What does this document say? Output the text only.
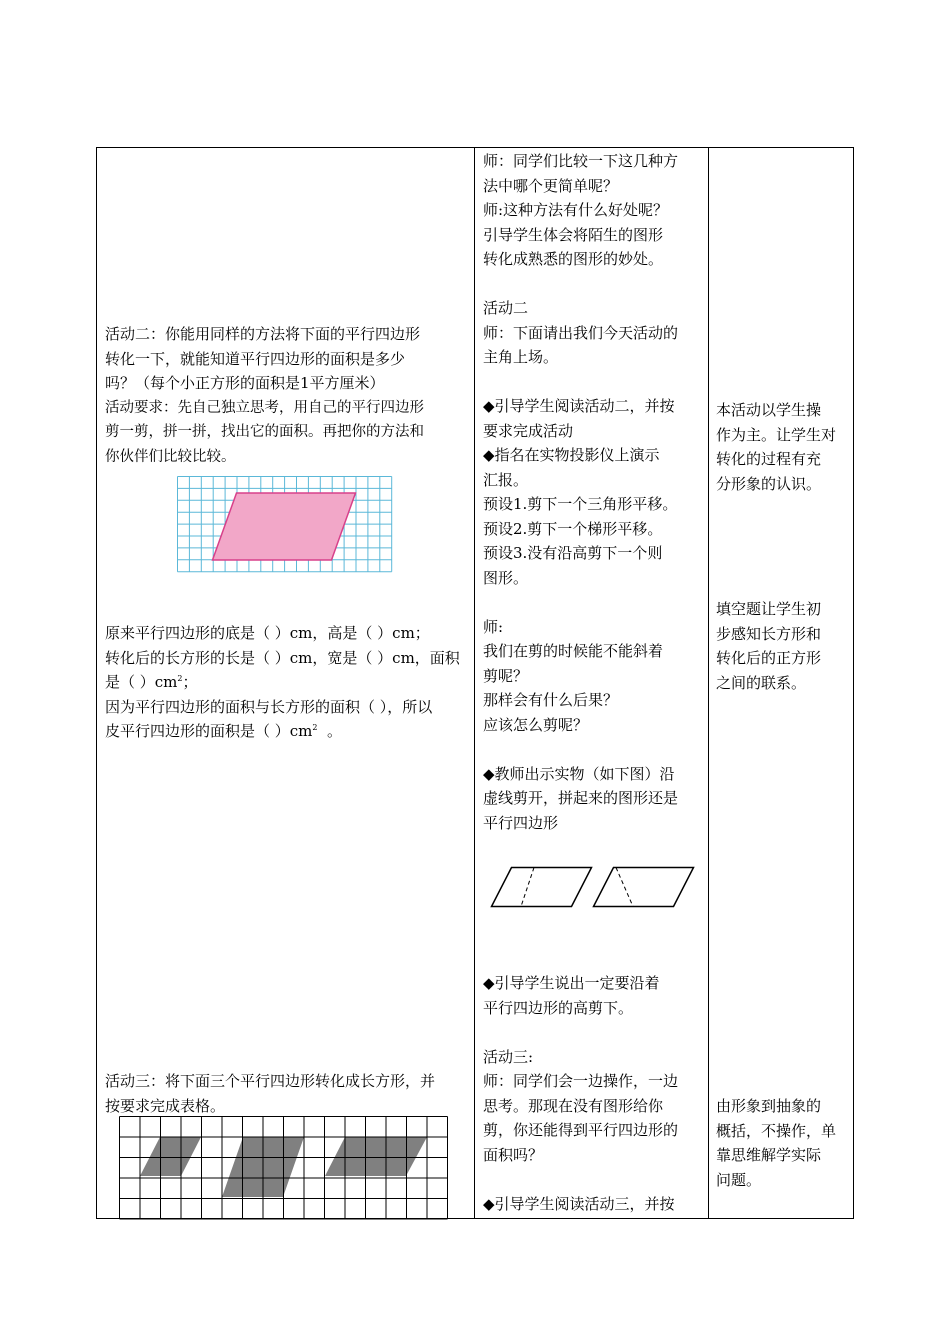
活动二：你能用同样的方法将下面的平行四边形
转化一下，就能知道平行四边形的面积是多少
吗？（每个小正方形的面积是1平方厘米）
活动要求：先自己独立思考，用自己的平行四边形
剪一剪，拼一拼，找出它的面积。再把你的方法和
你伙伴们比较比较。
原来平行四边形的底是（ ）cm，高是（ ）cm；
转化后的长方形的长是（ ）cm，宽是（ ）cm，面积
是（ ）$cm^2$；
因为平行四边形的面积与长方形的面积（ ），所以
皮平行四边形的面积是（ ）$cm^2$  。
活动三：将下面三个平行四边形转化成长方形，并
按要求完成表格。
师：同学们比较一下这几种方
法中哪个更简单呢？
师:这种方法有什么好处呢？
引导学生体会将陌生的图形
转化成熟悉的图形的妙处。
活动二
师：下面请出我们今天活动的
主角上场。
◆引导学生阅读活动二，并按
要求完成活动
◆指名在实物投影仪上演示
汇报。
预设1.剪下一个三角形平移。
预设2.剪下一个梯形平移。
预设3.没有沿高剪下一个则
图形。
师:
我们在剪的时候能不能斜着
剪呢？
那样会有什么后果？
应该怎么剪呢？
◆教师出示实物（如下图）沿
虚线剪开，拼起来的图形还是
平行四边形
◆引导学生说出一定要沿着
平行四边形的高剪下。
活动三:
师：同学们会一边操作，一边
思考。那现在没有图形给你
剪，你还能得到平行四边形的
面积吗？
◆引导学生阅读活动三，并按
本活动以学生操
作为主。让学生对
转化的过程有充
分形象的认识。
填空题让学生初
步感知长方形和
转化后的正方形
之间的联系。
由形象到抽象的
概括，不操作，单
靠思维解学实际
问题。
